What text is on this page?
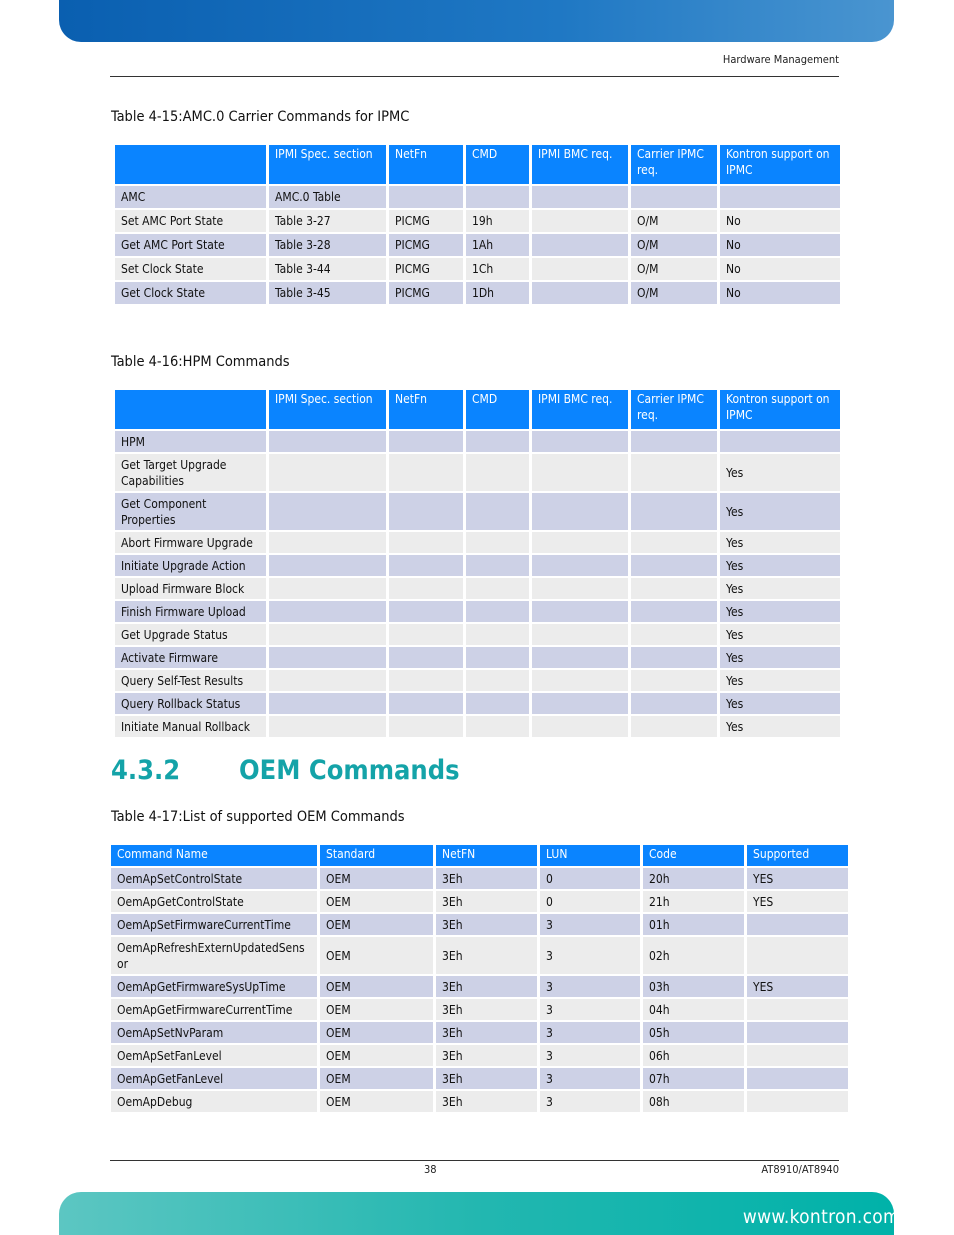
Hardware Management
Table 4-15:AMC.0 Carrier Commands for IPMC
	IPMI Spec. section	NetFn	CMD	IPMI BMC req.	Carrier IPMC req.	Kontron support on IPMC
AMC	AMC.0 Table					
Set AMC Port State	Table 3-27	PICMG	19h		O/M	No
Get AMC Port State	Table 3-28	PICMG	1Ah		O/M	No
Set Clock State	Table 3-44	PICMG	1Ch		O/M	No
Get Clock State	Table 3-45	PICMG	1Dh		O/M	No
Table 4-16:HPM Commands
	IPMI Spec. section	NetFn	CMD	IPMI BMC req.	Carrier IPMC req.	Kontron support on IPMC
HPM						
Get Target Upgrade Capabilities						Yes
Get Component Properties						Yes
Abort Firmware Upgrade						Yes
Initiate Upgrade Action						Yes
Upload Firmware Block						Yes
Finish Firmware Upload						Yes
Get Upgrade Status						Yes
Activate Firmware						Yes
Query Self-Test Results						Yes
Query Rollback Status						Yes
Initiate Manual Rollback						Yes
4.3.2 OEM Commands
Table 4-17:List of supported OEM Commands
Command Name	Standard	NetFN	LUN	Code	Supported
OemApSetControlState	OEM	3Eh	0	20h	YES
OemApGetControlState	OEM	3Eh	0	21h	YES
OemApSetFirmwareCurrentTime	OEM	3Eh	3	01h	
OemApRefreshExternUpdatedSensor	OEM	3Eh	3	02h	
OemApGetFirmwareSysUpTime	OEM	3Eh	3	03h	YES
OemApGetFirmwareCurrentTime	OEM	3Eh	3	04h	
OemApSetNvParam	OEM	3Eh	3	05h	
OemApSetFanLevel	OEM	3Eh	3	06h	
OemApGetFanLevel	OEM	3Eh	3	07h	
OemApDebug	OEM	3Eh	3	08h	
38	AT8910/AT8940
www.kontron.com
